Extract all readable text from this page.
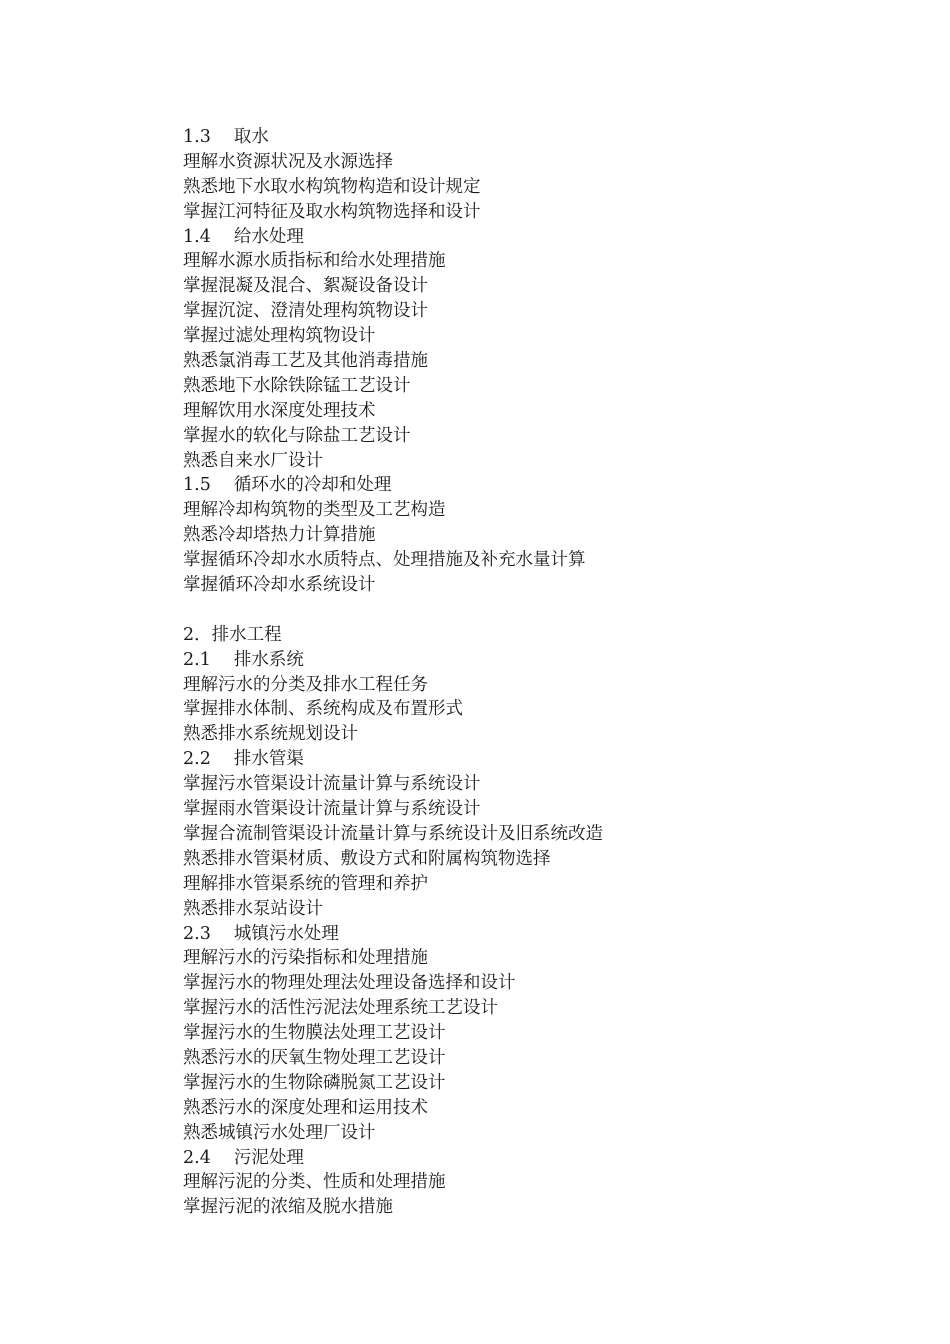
1.3　 取水
理解水资源状况及水源选择
熟悉地下水取水构筑物构造和设计规定
掌握江河特征及取水构筑物选择和设计
1.4　 给水处理
理解水源水质指标和给水处理措施
掌握混凝及混合、絮凝设备设计
掌握沉淀、澄清处理构筑物设计
掌握过滤处理构筑物设计
熟悉氯消毒工艺及其他消毒措施
熟悉地下水除铁除锰工艺设计
理解饮用水深度处理技术
掌握水的软化与除盐工艺设计
熟悉自来水厂设计
1.5　 循环水的冷却和处理
理解冷却构筑物的类型及工艺构造
熟悉冷却塔热力计算措施
掌握循环冷却水水质特点、处理措施及补充水量计算
掌握循环冷却水系统设计
2．排水工程
2.1　 排水系统
理解污水的分类及排水工程任务
掌握排水体制、系统构成及布置形式
熟悉排水系统规划设计
2.2　 排水管渠
掌握污水管渠设计流量计算与系统设计
掌握雨水管渠设计流量计算与系统设计
掌握合流制管渠设计流量计算与系统设计及旧系统改造
熟悉排水管渠材质、敷设方式和附属构筑物选择
理解排水管渠系统的管理和养护
熟悉排水泵站设计
2.3　 城镇污水处理
理解污水的污染指标和处理措施
掌握污水的物理处理法处理设备选择和设计
掌握污水的活性污泥法处理系统工艺设计
掌握污水的生物膜法处理工艺设计
熟悉污水的厌氧生物处理工艺设计
掌握污水的生物除磷脱氮工艺设计
熟悉污水的深度处理和运用技术
熟悉城镇污水处理厂设计
2.4　 污泥处理
理解污泥的分类、性质和处理措施
掌握污泥的浓缩及脱水措施
